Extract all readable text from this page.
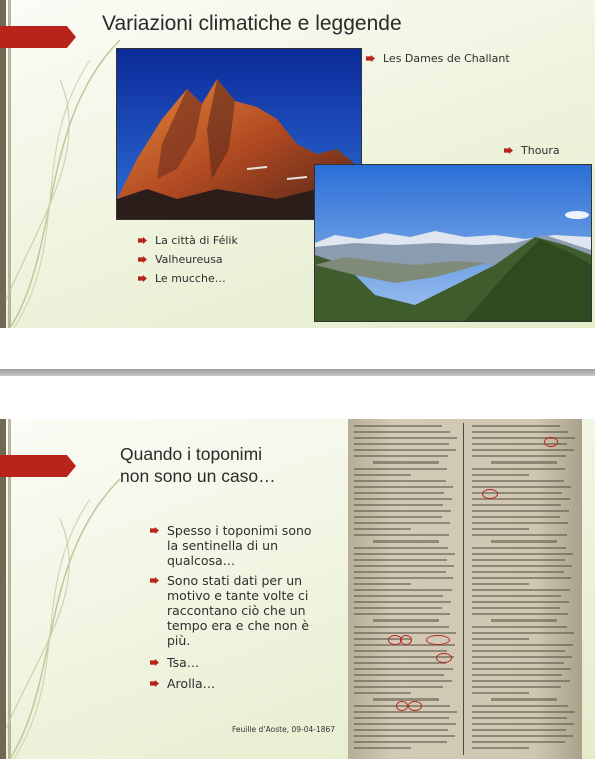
Variazioni climatiche e leggende
Les Dames de Challant
Thoura
La città di Félik
Valheureusa
Le mucche…
Quando i toponimi
non sono un caso…
Spesso i toponimi sono la sentinella di un qualcosa…
Sono stati dati per un motivo e tante volte ci raccontano ciò che un tempo era e che non è più.
Tsa…
Arolla…
Feuille d’Aoste, 09-04-1867
